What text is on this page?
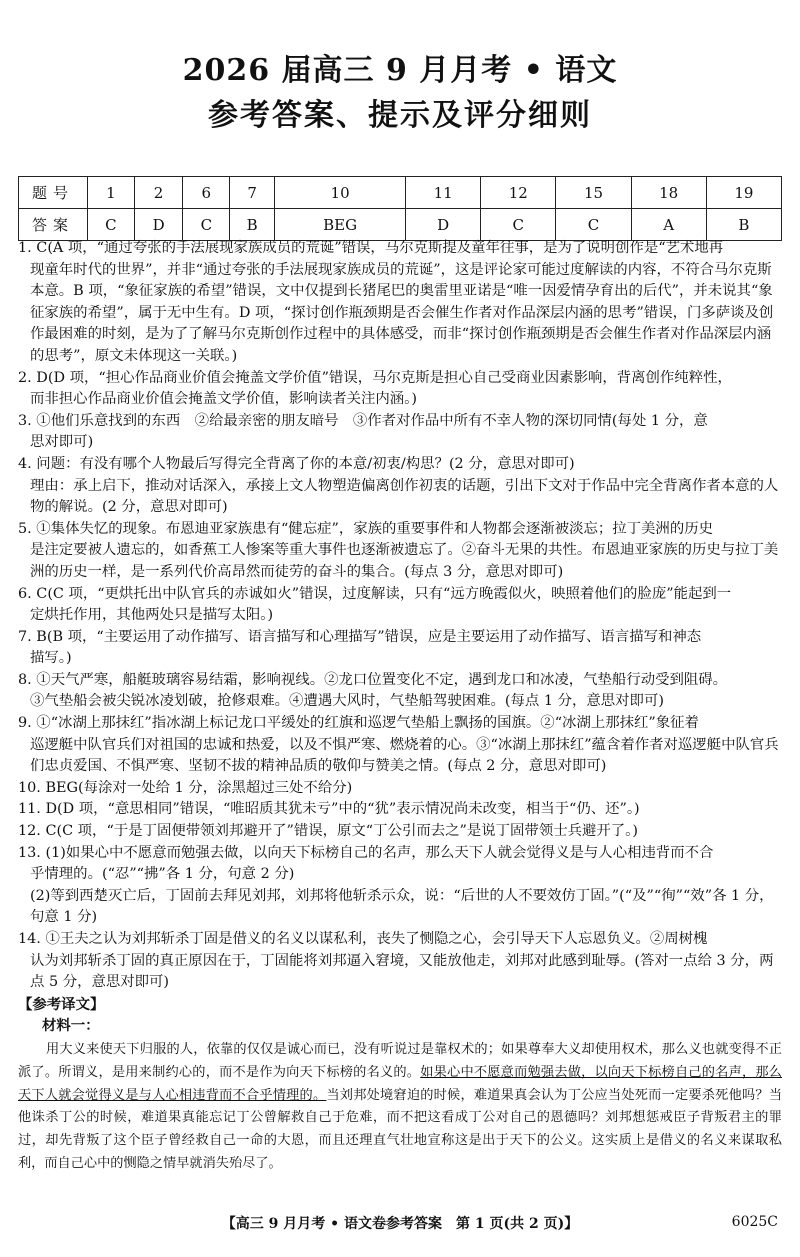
2026 届高三 9 月月考 • 语文
参考答案、提示及评分细则
题号	1	2	6	7	10	11	12	15	18	19
答案	C	D	C	B	BEG	D	C	C	A	B
1. C(A 项，“通过夸张的手法展现家族成员的荒诞”错误，马尔克斯提及童年往事，是为了说明创作是“艺术地再
现童年时代的世界”，并非“通过夸张的手法展现家族成员的荒诞”，这是评论家可能过度解读的内容，不符合马尔克斯本意。B 项，“象征家族的希望”错误，文中仅提到长猪尾巴的奥雷里亚诺是“唯一因爱情孕育出的后代”，并未说其“象征家族的希望”，属于无中生有。D 项，“探讨创作瓶颈期是否会催生作者对作品深层内涵的思考”错误，门多萨谈及创作最困难的时刻，是为了了解马尔克斯创作过程中的具体感受，而非“探讨创作瓶颈期是否会催生作者对作品深层内涵的思考”，原文未体现这一关联。)
2. D(D 项，“担心作品商业价值会掩盖文学价值”错误，马尔克斯是担心自己受商业因素影响，背离创作纯粹性，
而非担心作品商业价值会掩盖文学价值，影响读者关注内涵。)
3. ①他们乐意找到的东西　②给最亲密的朋友暗号　③作者对作品中所有不幸人物的深切同情(每处 1 分，意
思对即可)
4. 问题：有没有哪个人物最后写得完全背离了你的本意/初衷/构思？(2 分，意思对即可)
理由：承上启下，推动对话深入，承接上文人物塑造偏离创作初衷的话题，引出下文对于作品中完全背离作者本意的人物的解说。(2 分，意思对即可)
5. ①集体失忆的现象。布恩迪亚家族患有“健忘症”，家族的重要事件和人物都会逐渐被淡忘；拉丁美洲的历史
是注定要被人遗忘的，如香蕉工人惨案等重大事件也逐渐被遗忘了。②奋斗无果的共性。布恩迪亚家族的历史与拉丁美洲的历史一样，是一系列代价高昂然而徒劳的奋斗的集合。(每点 3 分，意思对即可)
6. C(C 项，“更烘托出中队官兵的赤诚如火”错误，过度解读，只有“远方晚霞似火，映照着他们的脸庞”能起到一
定烘托作用，其他两处只是描写太阳。)
7. B(B 项，“主要运用了动作描写、语言描写和心理描写”错误，应是主要运用了动作描写、语言描写和神态
描写。)
8. ①天气严寒，船艇玻璃容易结霜，影响视线。②龙口位置变化不定，遇到龙口和冰凌，气垫船行动受到阻碍。
③气垫船会被尖锐冰凌划破，抢修艰难。④遭遇大风时，气垫船驾驶困难。(每点 1 分，意思对即可)
9. ①“冰湖上那抹红”指冰湖上标记龙口平缓处的红旗和巡逻气垫船上飘扬的国旗。②“冰湖上那抹红”象征着
巡逻艇中队官兵们对祖国的忠诚和热爱，以及不惧严寒、燃烧着的心。③“冰湖上那抹红”蕴含着作者对巡逻艇中队官兵们忠贞爱国、不惧严寒、坚韧不拔的精神品质的敬仰与赞美之情。(每点 2 分，意思对即可)
10. BEG(每涂对一处给 1 分，涂黑超过三处不给分)
11. D(D 项，“意思相同”错误，“唯昭质其犹未亏”中的“犹”表示情况尚未改变，相当于“仍、还”。)
12. C(C 项，“于是丁固便带领刘邦避开了”错误，原文“丁公引而去之”是说丁固带领士兵避开了。)
13. (1)如果心中不愿意而勉强去做，以向天下标榜自己的名声，那么天下人就会觉得义是与人心相违背而不合
乎情理的。(“忍”“拂”各 1 分，句意 2 分)
(2)等到西楚灭亡后，丁固前去拜见刘邦，刘邦将他斩杀示众，说：“后世的人不要效仿丁固。”(“及”“徇”“效”各 1 分，句意 1 分)
14. ①王夫之认为刘邦斩杀丁固是借义的名义以谋私利，丧失了恻隐之心，会引导天下人忘恩负义。②周树槐
认为刘邦斩杀丁固的真正原因在于，丁固能将刘邦逼入窘境，又能放他走，刘邦对此感到耻辱。(答对一点给 3 分，两点 5 分，意思对即可)

【参考译文】

材料一：

用大义来使天下归服的人，依靠的仅仅是诚心而已，没有听说过是靠权术的；如果尊奉大义却使用权术，那么义也就变得不正派了。所谓义，是用来制约心的，而不是作为向天下标榜的名义的。如果心中不愿意而勉强去做，以向天下标榜自己的名声，那么天下人就会觉得义是与人心相违背而不合乎情理的。当刘邦处境窘迫的时候，难道果真会认为丁公应当处死而一定要杀死他吗？当他诛杀丁公的时候，难道果真能忘记丁公曾解救自己于危难，而不把这看成丁公对自己的恩德吗？刘邦想惩戒臣子背叛君主的罪过，却先背叛了这个臣子曾经救自己一命的大恩，而且还理直气壮地宣称这是出于天下的公义。这实质上是借义的名义来谋取私利，而自己心中的恻隐之情早就消失殆尽了。

【高三 9 月月考 • 语文卷参考答案　第 1 页(共 2 页)】	6025C
